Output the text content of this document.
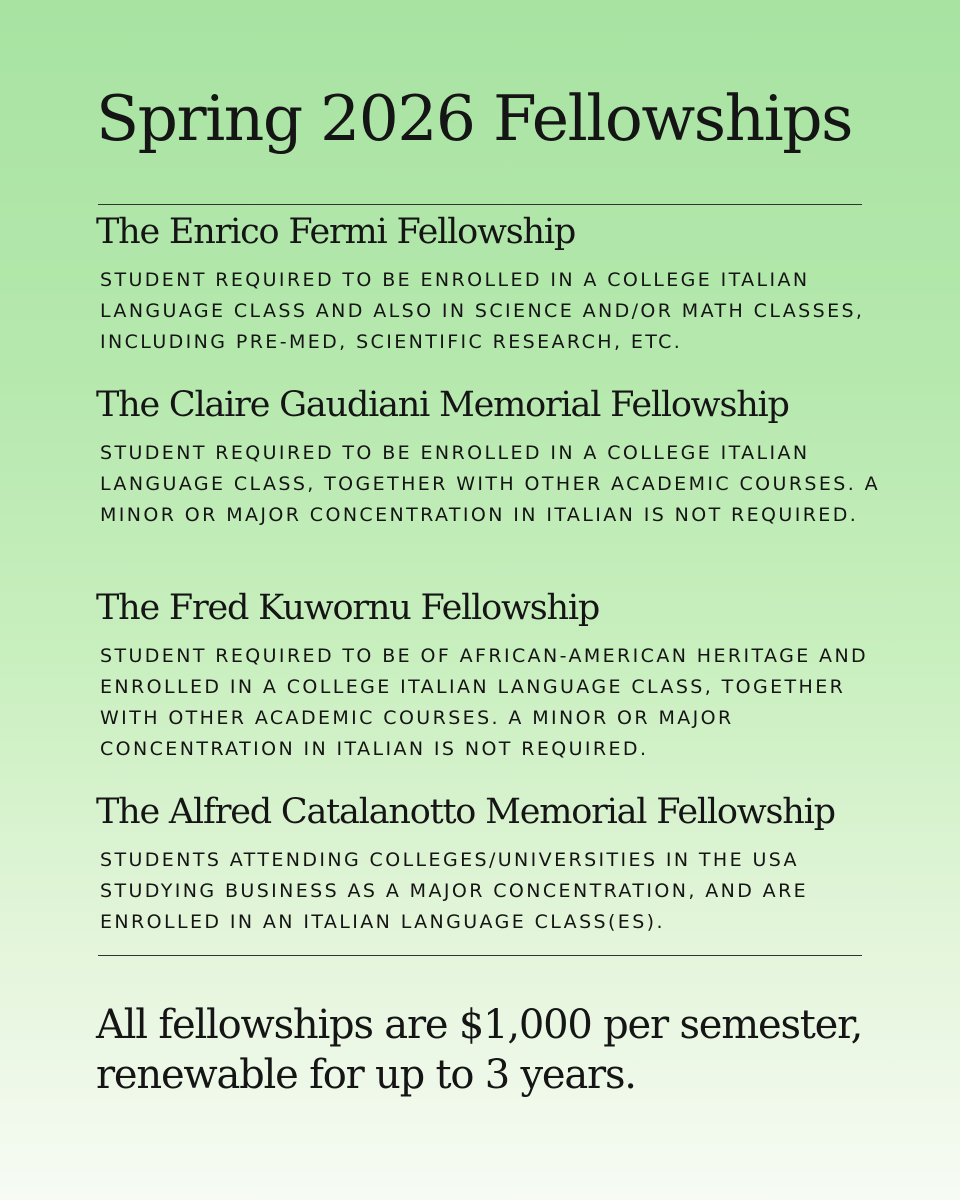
Spring 2026 Fellowships
The Enrico Fermi Fellowship

STUDENT REQUIRED TO BE ENROLLED IN A COLLEGE ITALIAN LANGUAGE CLASS AND ALSO IN SCIENCE AND/OR MATH CLASSES, INCLUDING PRE-MED, SCIENTIFIC RESEARCH, ETC.

The Claire Gaudiani Memorial Fellowship

STUDENT REQUIRED TO BE ENROLLED IN A COLLEGE ITALIAN LANGUAGE CLASS, TOGETHER WITH OTHER ACADEMIC COURSES. A MINOR OR MAJOR CONCENTRATION IN ITALIAN IS NOT REQUIRED.

The Fred Kuwornu Fellowship

STUDENT REQUIRED TO BE OF AFRICAN-AMERICAN HERITAGE AND ENROLLED IN A COLLEGE ITALIAN LANGUAGE CLASS, TOGETHER WITH OTHER ACADEMIC COURSES. A MINOR OR MAJOR CONCENTRATION IN ITALIAN IS NOT REQUIRED.

The Alfred Catalanotto Memorial Fellowship

STUDENTS ATTENDING COLLEGES/UNIVERSITIES IN THE USA STUDYING BUSINESS AS A MAJOR CONCENTRATION, AND ARE ENROLLED IN AN ITALIAN LANGUAGE CLASS(ES).

All fellowships are $1,000 per semester, renewable for up to 3 years.
